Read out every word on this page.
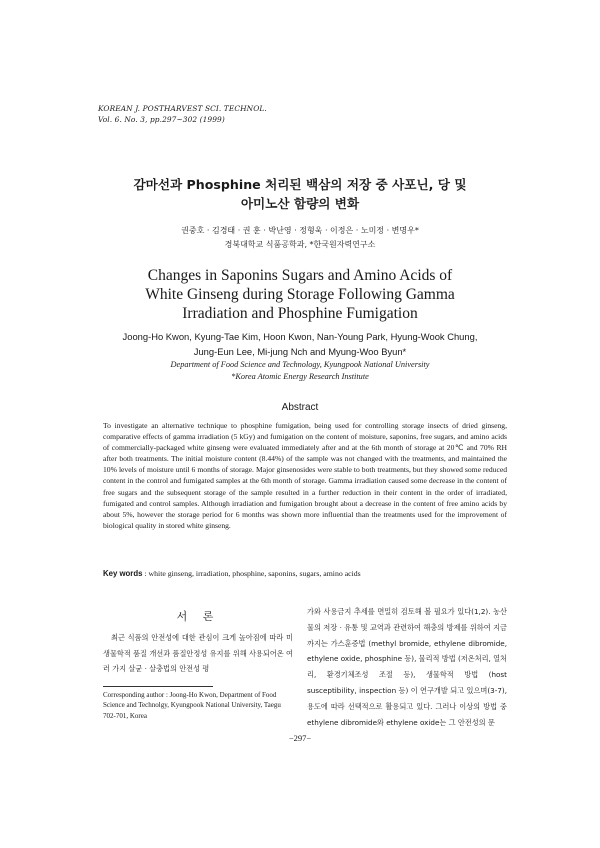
KOREAN J. POSTHARVEST SCI. TECHNOL.
Vol. 6. No. 3, pp.297~302 (1999)
감마선과 Phosphine 처리된 백삼의 저장 중 사포닌, 당 및
아미노산 함량의 변화
권중호 · 김경태 · 권 훈 · 박난영 · 정형욱 · 이정은 · 노미정 · 변명우*
경북대학교 식품공학과, *한국원자력연구소
Changes in Saponins Sugars and Amino Acids of
White Ginseng during Storage Following Gamma
Irradiation and Phosphine Fumigation
Joong-Ho Kwon, Kyung-Tae Kim, Hoon Kwon, Nan-Young Park, Hyung-Wook Chung,
Jung-Eun Lee, Mi-jung Nch and Myung-Woo Byun*
Department of Food Science and Technology, Kyungpook National University
*Korea Atomic Energy Research Institute
Abstract
To investigate an alternative technique to phosphine fumigation, being used for controlling storage insects of dried ginseng, comparative effects of gamma irradiation (5 kGy) and fumigation on the content of moisture, saponins, free sugars, and amino acids of commercially-packaged white ginseng were evaluated immediately after and at the 6th month of storage at 20℃ and 70% RH after both treatments. The initial moisture content (8.44%) of the sample was not changed with the treatments, and maintained the 10% levels of moisture until 6 months of storage. Major ginsenosides were stable to both treatments, but they showed some reduced content in the control and fumigated samples at the 6th month of storage. Gamma irradiation caused some decrease in the content of free sugars and the subsequent storage of the sample resulted in a further reduction in their content in the order of irradiated, fumigated and control samples. Although irradiation and fumigation brought about a decrease in the content of free amino acids by about 5%, however the storage period for 6 months was shown more influential than the treatments used for the improvement of biological quality in stored white ginseng.
Key words : white ginseng, irradiation, phosphine, saponins, sugars, amino acids
서 론

최근 식품의 안전성에 대한 관심이 크게 높아짐에 따라 미생물학적 품질 개선과 품질안정성 유지를 위해 사용되어온 여러 가지 살균 · 살충법의 안전성 평

가와 사용금지 추세를 면밀히 검토해 볼 필요가 있다(1,2). 농산물의 저장 · 유통 및 교역과 관련하여 해충의 방제를 위하여 지금까지는 가스훈증법 (methyl bromide, ethylene dibromide, ethylene oxide, phosphine 등), 물리적 방법 (저온처리, 열처리, 환경기체조성 조절 등), 생물학적 방법 (host susceptibility, inspection 등) 이 연구개발 되고 있으며(3-7), 용도에 따라 선택적으로 활용되고 있다. 그러나 이상의 방법 중 ethylene dibromide와 ethylene oxide는 그 안전성의 문

Corresponding author : Joong-Ho Kwon, Department of Food Science and Technolgy, Kyungpook National University, Taegu 702-701, Korea
−297−
